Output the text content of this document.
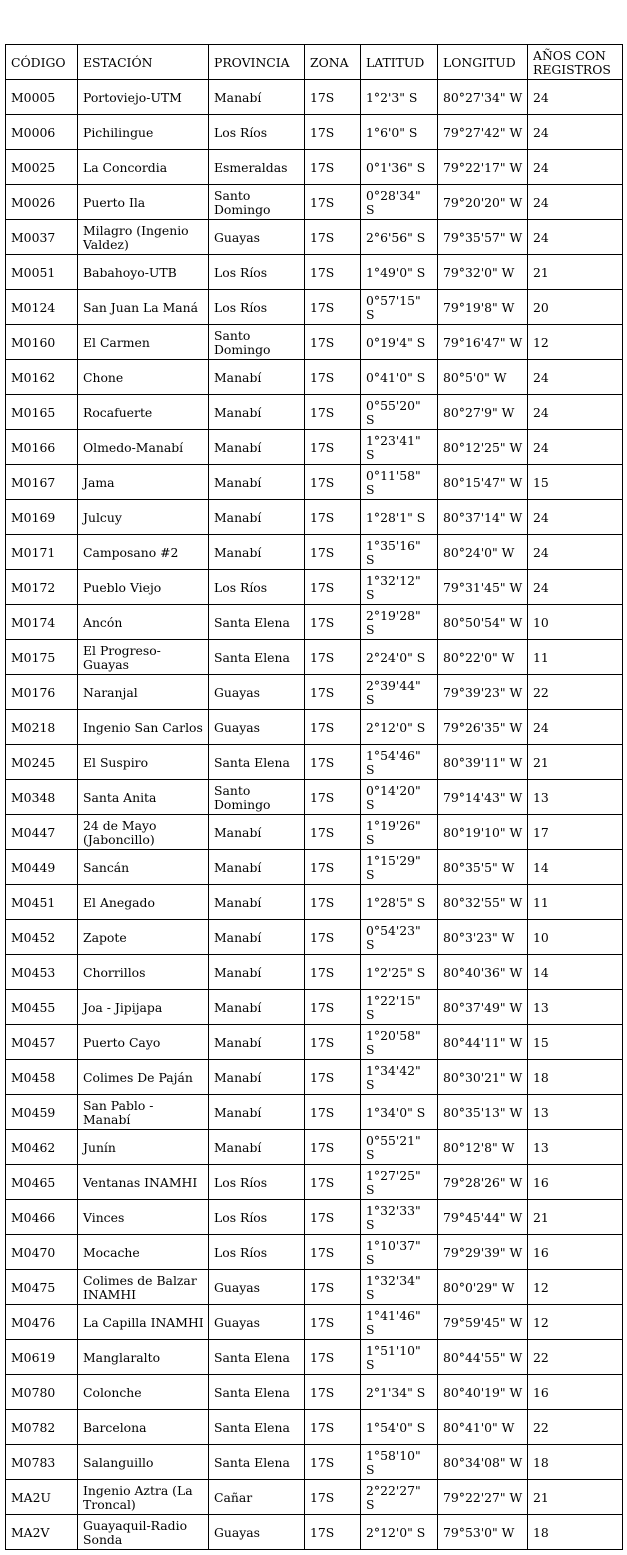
CÓDIGO	ESTACIÓN	PROVINCIA	ZONA	LATITUD	LONGITUD	AÑOS CON REGISTROS
M0005	Portoviejo-UTM	Manabí	17S	1°2'3" S	80°27'34" W	24
M0006	Pichilingue	Los Ríos	17S	1°6'0" S	79°27'42" W	24
M0025	La Concordia	Esmeraldas	17S	0°1'36" S	79°22'17" W	24
M0026	Puerto Ila	Santo Domingo	17S	0°28'34" S	79°20'20" W	24
M0037	Milagro (Ingenio Valdez)	Guayas	17S	2°6'56" S	79°35'57" W	24
M0051	Babahoyo-UTB	Los Ríos	17S	1°49'0" S	79°32'0" W	21
M0124	San Juan La Maná	Los Ríos	17S	0°57'15" S	79°19'8" W	20
M0160	El Carmen	Santo Domingo	17S	0°19'4" S	79°16'47" W	12
M0162	Chone	Manabí	17S	0°41'0" S	80°5'0" W	24
M0165	Rocafuerte	Manabí	17S	0°55'20" S	80°27'9" W	24
M0166	Olmedo-Manabí	Manabí	17S	1°23'41" S	80°12'25" W	24
M0167	Jama	Manabí	17S	0°11'58" S	80°15'47" W	15
M0169	Julcuy	Manabí	17S	1°28'1" S	80°37'14" W	24
M0171	Camposano #2	Manabí	17S	1°35'16" S	80°24'0" W	24
M0172	Pueblo Viejo	Los Ríos	17S	1°32'12" S	79°31'45" W	24
M0174	Ancón	Santa Elena	17S	2°19'28" S	80°50'54" W	10
M0175	El Progreso-Guayas	Santa Elena	17S	2°24'0" S	80°22'0" W	11
M0176	Naranjal	Guayas	17S	2°39'44" S	79°39'23" W	22
M0218	Ingenio San Carlos	Guayas	17S	2°12'0" S	79°26'35" W	24
M0245	El Suspiro	Santa Elena	17S	1°54'46" S	80°39'11" W	21
M0348	Santa Anita	Santo Domingo	17S	0°14'20" S	79°14'43" W	13
M0447	24 de Mayo (Jaboncillo)	Manabí	17S	1°19'26" S	80°19'10" W	17
M0449	Sancán	Manabí	17S	1°15'29" S	80°35'5" W	14
M0451	El Anegado	Manabí	17S	1°28'5" S	80°32'55" W	11
M0452	Zapote	Manabí	17S	0°54'23" S	80°3'23" W	10
M0453	Chorrillos	Manabí	17S	1°2'25" S	80°40'36" W	14
M0455	Joa - Jipijapa	Manabí	17S	1°22'15" S	80°37'49" W	13
M0457	Puerto Cayo	Manabí	17S	1°20'58" S	80°44'11" W	15
M0458	Colimes De Paján	Manabí	17S	1°34'42" S	80°30'21" W	18
M0459	San Pablo - Manabí	Manabí	17S	1°34'0" S	80°35'13" W	13
M0462	Junín	Manabí	17S	0°55'21" S	80°12'8" W	13
M0465	Ventanas INAMHI	Los Ríos	17S	1°27'25" S	79°28'26" W	16
M0466	Vinces	Los Ríos	17S	1°32'33" S	79°45'44" W	21
M0470	Mocache	Los Ríos	17S	1°10'37" S	79°29'39" W	16
M0475	Colimes de Balzar INAMHI	Guayas	17S	1°32'34" S	80°0'29" W	12
M0476	La Capilla INAMHI	Guayas	17S	1°41'46" S	79°59'45" W	12
M0619	Manglaralto	Santa Elena	17S	1°51'10" S	80°44'55" W	22
M0780	Colonche	Santa Elena	17S	2°1'34" S	80°40'19" W	16
M0782	Barcelona	Santa Elena	17S	1°54'0" S	80°41'0" W	22
M0783	Salanguillo	Santa Elena	17S	1°58'10" S	80°34'08" W	18
MA2U	Ingenio Aztra (La Troncal)	Cañar	17S	2°22'27" S	79°22'27" W	21
MA2V	Guayaquil-Radio Sonda	Guayas	17S	2°12'0" S	79°53'0" W	18
